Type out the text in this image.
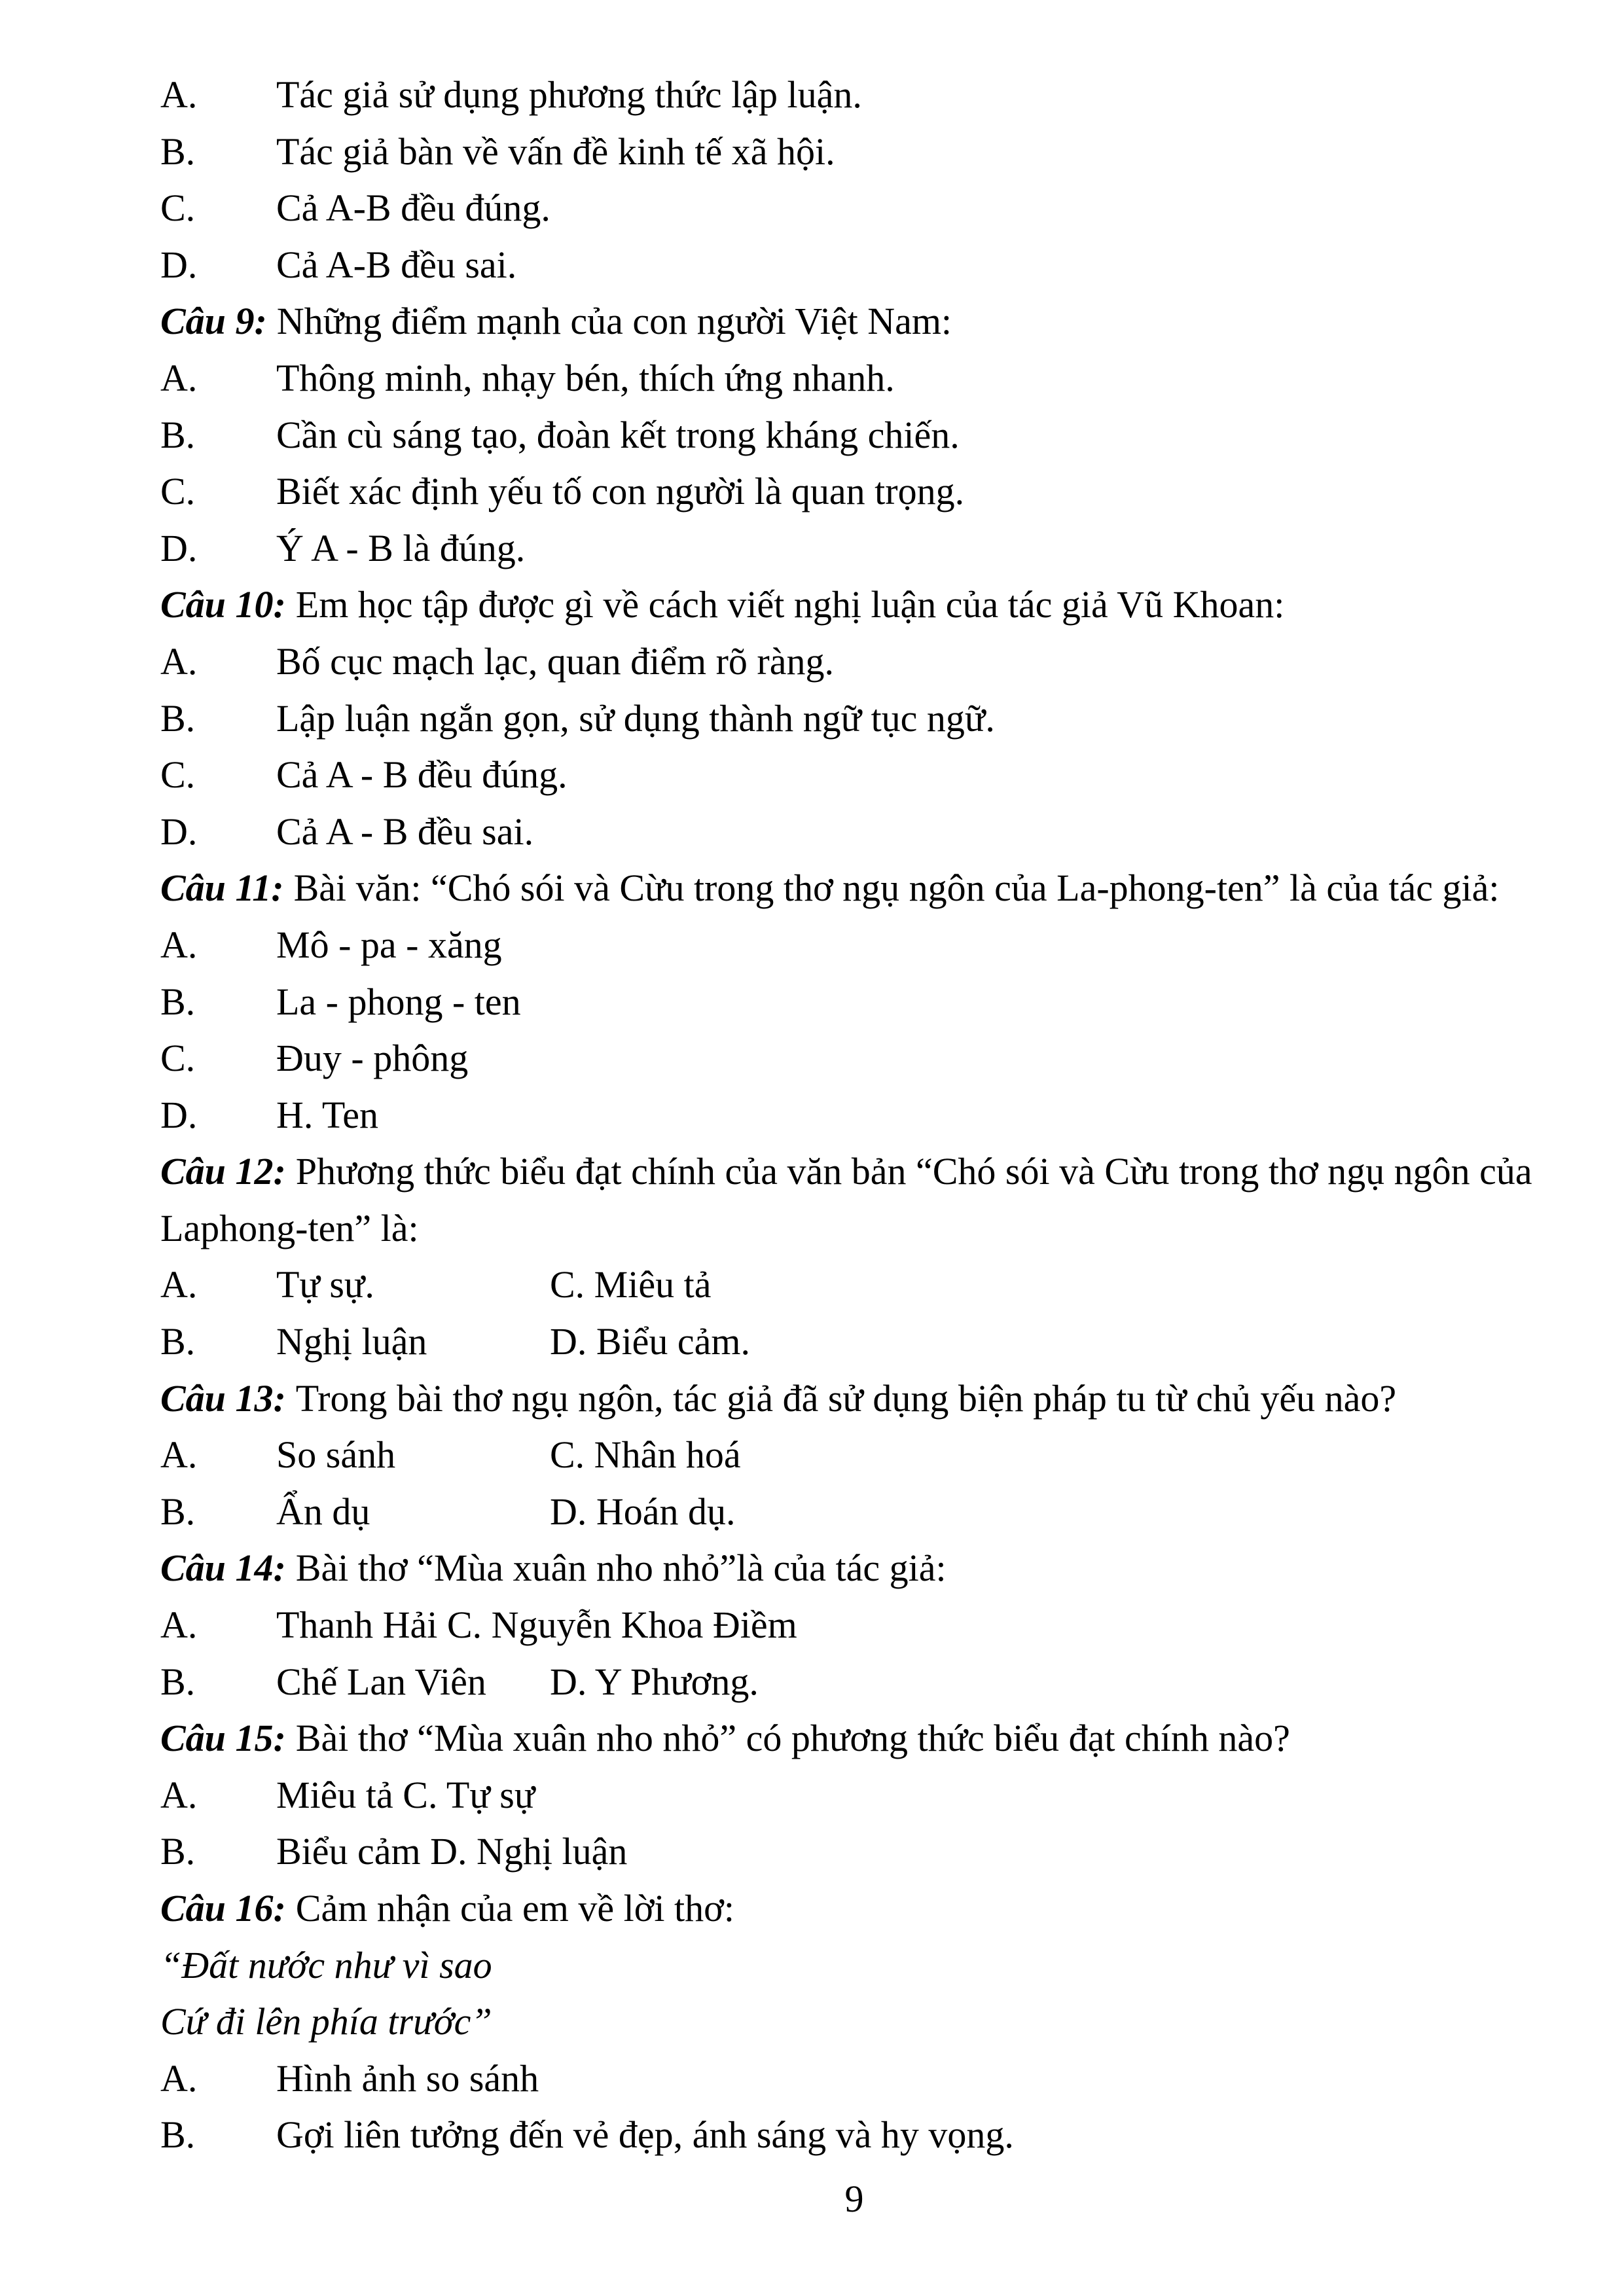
A. Tác giả sử dụng phương thức lập luận.
B. Tác giả bàn về vấn đề kinh tế xã hội.
C. Cả A-B đều đúng.
D. Cả A-B đều sai.
Câu 9: Những điểm mạnh của con người Việt Nam:
A. Thông minh, nhạy bén, thích ứng nhanh.
B. Cần cù sáng tạo, đoàn kết trong kháng chiến.
C. Biết xác định yếu tố con người là quan trọng.
D. Ý A - B là đúng.
Câu 10: Em học tập được gì về cách viết nghị luận của tác giả Vũ Khoan:
A. Bố cục mạch lạc, quan điểm rõ ràng.
B. Lập luận ngắn gọn, sử dụng thành ngữ tục ngữ.
C. Cả A - B đều đúng.
D. Cả A - B đều sai.
Câu 11: Bài văn: “Chó sói và Cừu trong thơ ngụ ngôn của La-phong-ten” là của tác giả:
A. Mô - pa - xăng
B. La - phong - ten
C. Đuy - phông
D. H. Ten
Câu 12: Phương thức biểu đạt chính của văn bản “Chó sói và Cừu trong thơ ngụ ngôn của
Laphong-ten” là:
A. Tự sự.	C. Miêu tả
B. Nghị luận	D. Biểu cảm.
Câu 13: Trong bài thơ ngụ ngôn, tác giả đã sử dụng biện pháp tu từ chủ yếu nào?
A. So sánh	C. Nhân hoá
B. Ẩn dụ	D. Hoán dụ.
Câu 14: Bài thơ “Mùa xuân nho nhỏ”là của tác giả:
A. Thanh Hải C. Nguyễn Khoa Điềm
B. Chế Lan Viên D. Y Phương.
Câu 15: Bài thơ “Mùa xuân nho nhỏ” có phương thức biểu đạt chính nào?
A. Miêu tả C. Tự sự
B. Biểu cảm D. Nghị luận
Câu 16: Cảm nhận của em về lời thơ:
“Đất nước như vì sao
Cứ đi lên phía trước”
A. Hình ảnh so sánh
B. Gợi liên tưởng đến vẻ đẹp, ánh sáng và hy vọng.
9
